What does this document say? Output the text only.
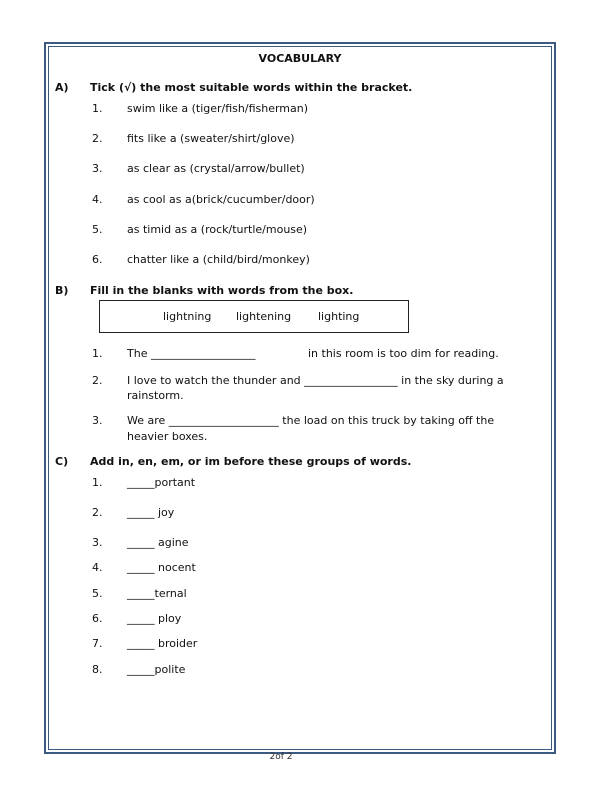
VOCABULARY
A) Tick (√) the most suitable words within the bracket.
1. swim like a (tiger/fish/fisherman)
2. fits like a (sweater/shirt/glove)
3. as clear as (crystal/arrow/bullet)
4. as cool as a(brick/cucumber/door)
5. as timid as a (rock/turtle/mouse)
6. chatter like a (child/bird/monkey)
B) Fill in the blanks with words from the box.
lightning lightening lighting
1. The ___________________	in this room is too dim for reading.
2. I love to watch the thunder and _________________ in the sky during a
rainstorm.
3. We are ____________________ the load on this truck by taking off the
heavier boxes.
C) Add in, en, em, or im before these groups of words.
1. _____portant
2. _____ joy
3. _____ agine
4. _____ nocent
5. _____ternal
6. _____ ploy
7. _____ broider
8. _____polite
2of 2
